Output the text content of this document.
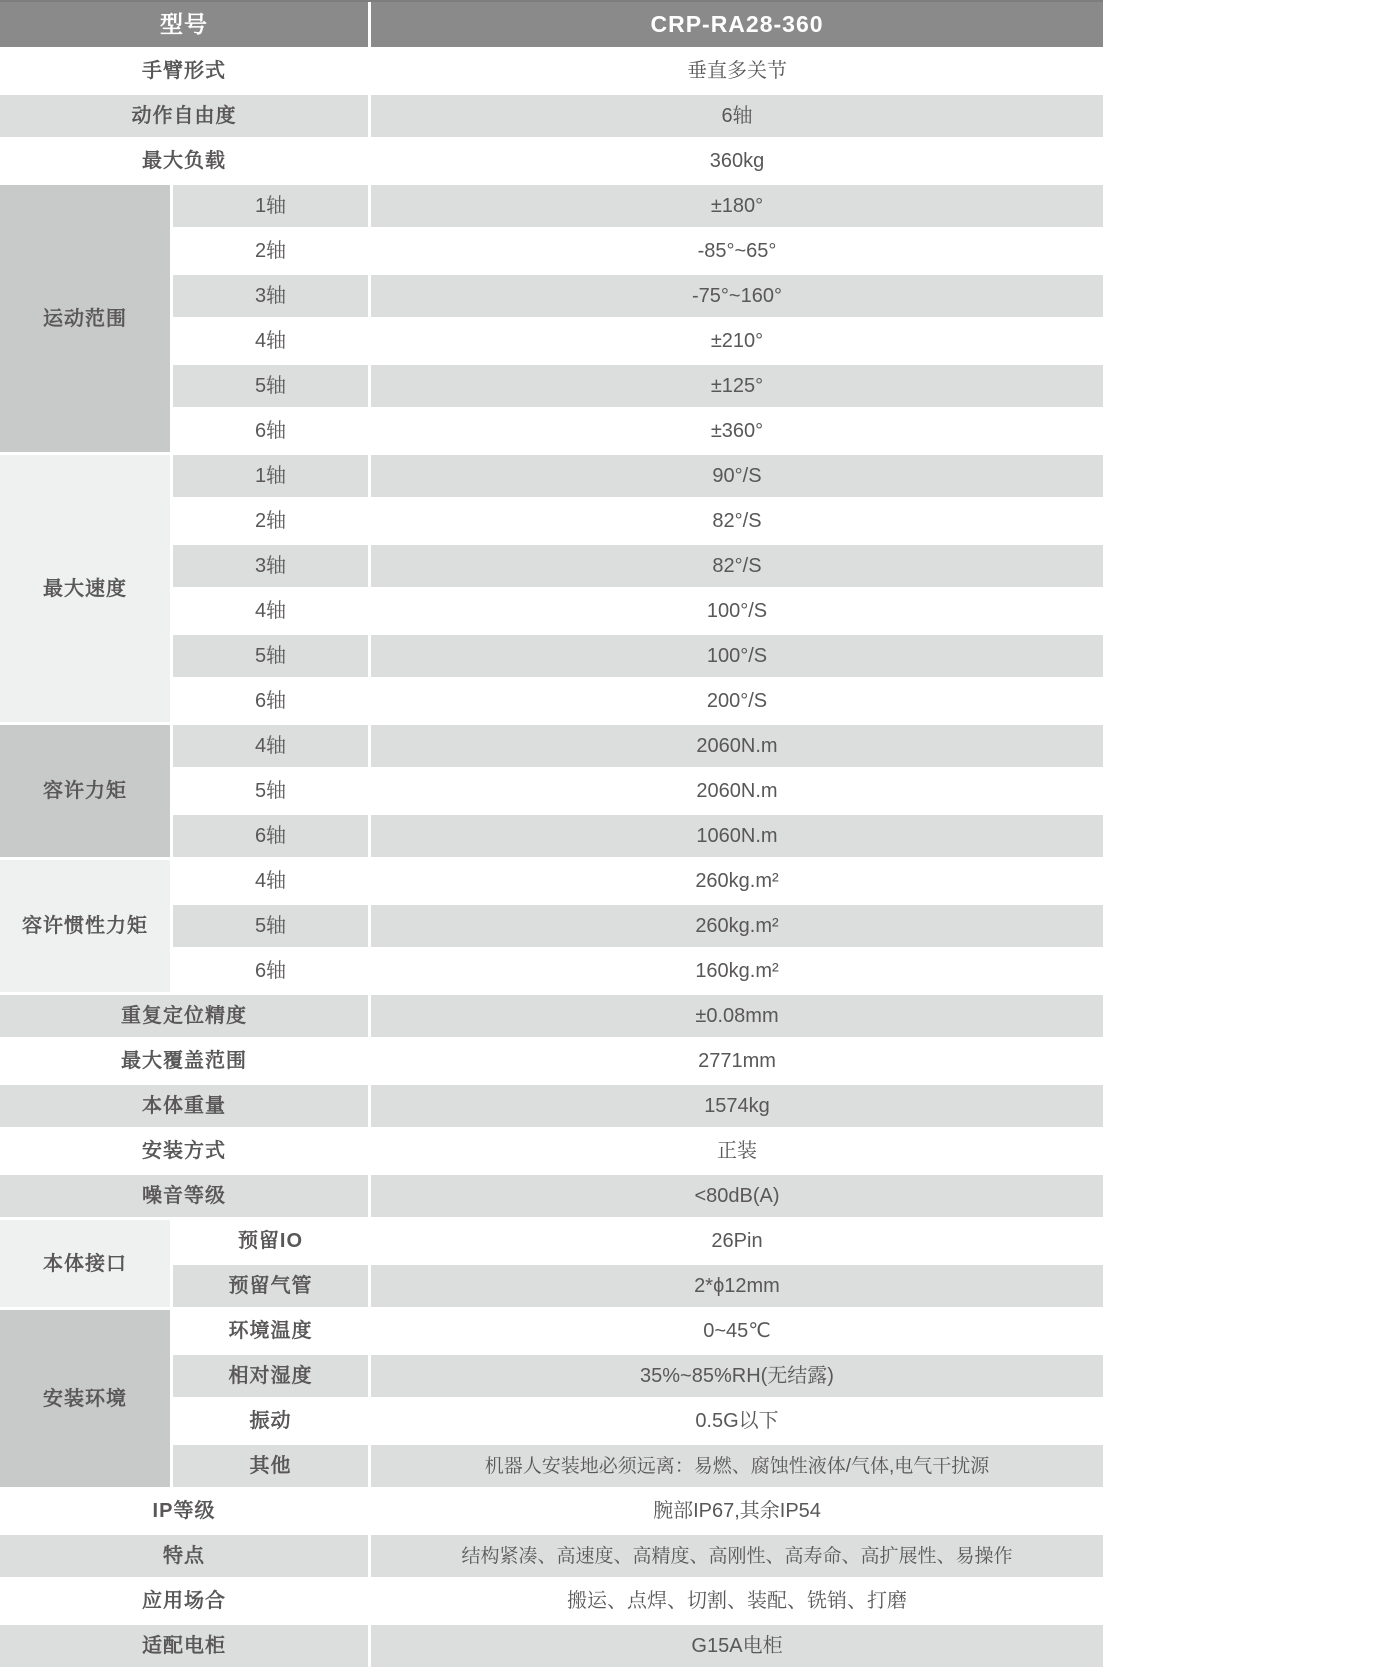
型号	CRP-RA28-360
手臂形式	垂直多关节
动作自由度	6轴
最大负载	360kg
运动范围
1轴	±180°
2轴	-85°~65°
3轴	-75°~160°
4轴	±210°
5轴	±125°
6轴	±360°
最大速度
1轴	90°/S
2轴	82°/S
3轴	82°/S
4轴	100°/S
5轴	100°/S
6轴	200°/S
容许力矩
4轴	2060N.m
5轴	2060N.m
6轴	1060N.m
容许惯性力矩
4轴	260kg.m²
5轴	260kg.m²
6轴	160kg.m²
重复定位精度	±0.08mm
最大覆盖范围	2771mm
本体重量	1574kg
安装方式	正装
噪音等级	<80dB(A)
本体接口
预留IO	26Pin
预留气管	2*ϕ12mm
安装环境
环境温度	0~45℃
相对湿度	35%~85%RH(无结露)
振动	0.5G以下
其他	机器人安装地必须远离：易燃、腐蚀性液体/气体,电气干扰源
IP等级	腕部IP67,其余IP54
特点	结构紧凑、高速度、高精度、高刚性、高寿命、高扩展性、易操作
应用场合	搬运、点焊、切割、装配、铣销、打磨
适配电柜	G15A电柜
